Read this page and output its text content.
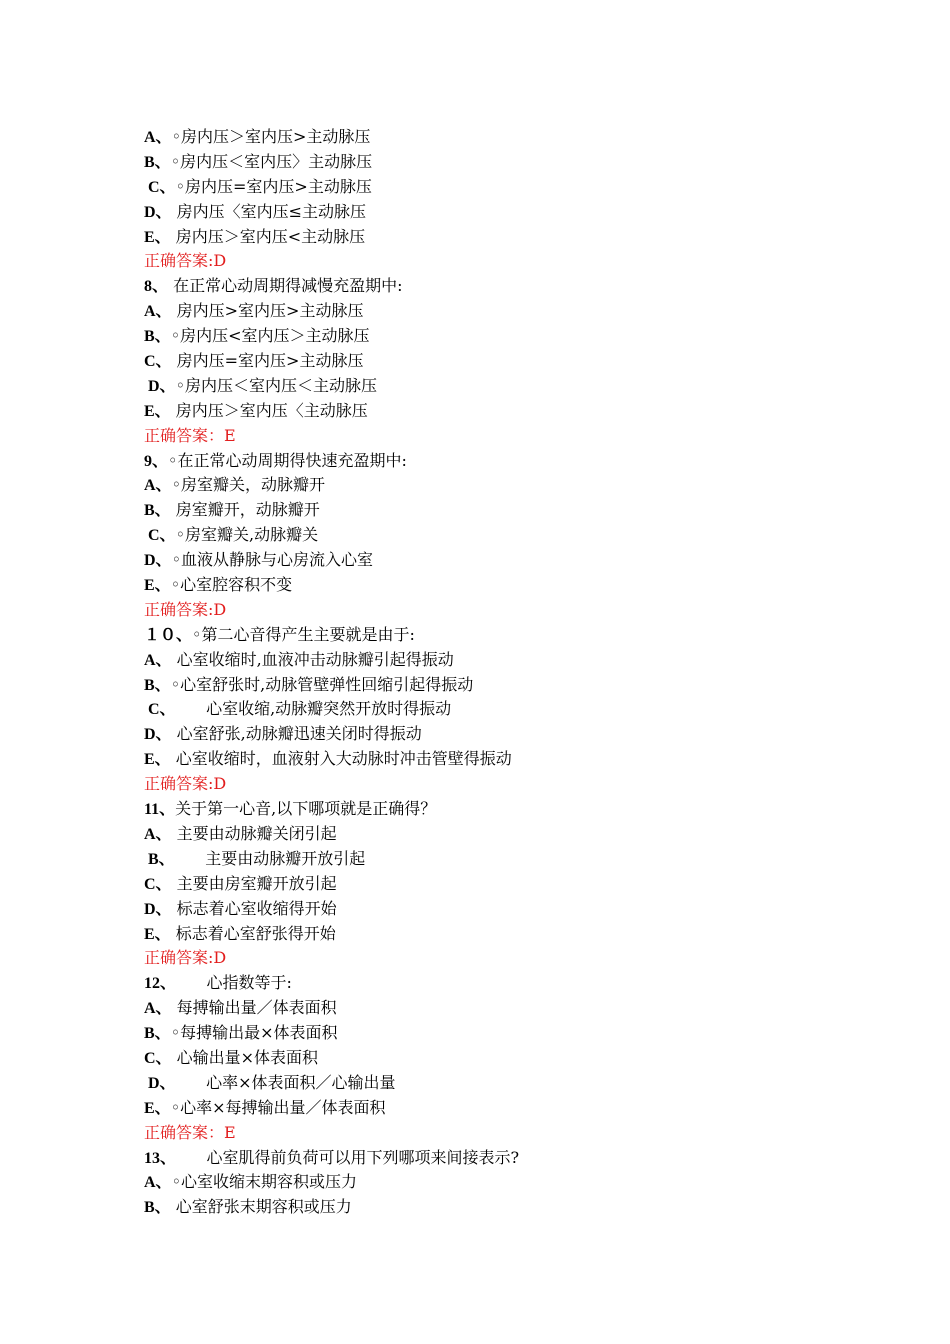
A、◦房内压＞室内压>主动脉压
B、◦房内压＜室内压〉主动脉压
C、◦房内压=室内压>主动脉压
D、 房内压〈室内压≤主动脉压
E、 房内压＞室内压<主动脉压
正确答案:D
8、 在正常心动周期得减慢充盈期中:
A、 房内压>室内压>主动脉压
B、◦房内压<室内压＞主动脉压
C、 房内压=室内压>主动脉压
D、◦房内压＜室内压＜主动脉压
E、 房内压＞室内压〈主动脉压
正确答案：E
9、◦在正常心动周期得快速充盈期中:
A、◦房室瓣关，动脉瓣开
B、 房室瓣开，动脉瓣开
C、◦房室瓣关,动脉瓣关
D、◦血液从静脉与心房流入心室
E、◦心室腔容积不变
正确答案:D
１０、◦第二心音得产生主要就是由于:
A、 心室收缩时,血液冲击动脉瓣引起得振动
B、◦心室舒张时,动脉管壁弹性回缩引起得振动
C、      心室收缩,动脉瓣突然开放时得振动
D、 心室舒张,动脉瓣迅速关闭时得振动
E、 心室收缩时，血液射入大动脉时冲击管壁得振动
正确答案:D
11、关于第一心音,以下哪项就是正确得？
A、 主要由动脉瓣关闭引起
B、      主要由动脉瓣开放引起
C、 主要由房室瓣开放引起
D、 标志着心室收缩得开始
E、 标志着心室舒张得开始
正确答案:D
12、      心指数等于:
A、 每搏输出量／体表面积
B、◦每搏输出最×体表面积
C、 心输出量×体表面积
D、      心率×体表面积／心输出量
E、◦心率×每搏输出量／体表面积
正确答案：E
13、      心室肌得前负荷可以用下列哪项来间接表示?
A、◦心室收缩末期容积或压力
B、 心室舒张末期容积或压力
